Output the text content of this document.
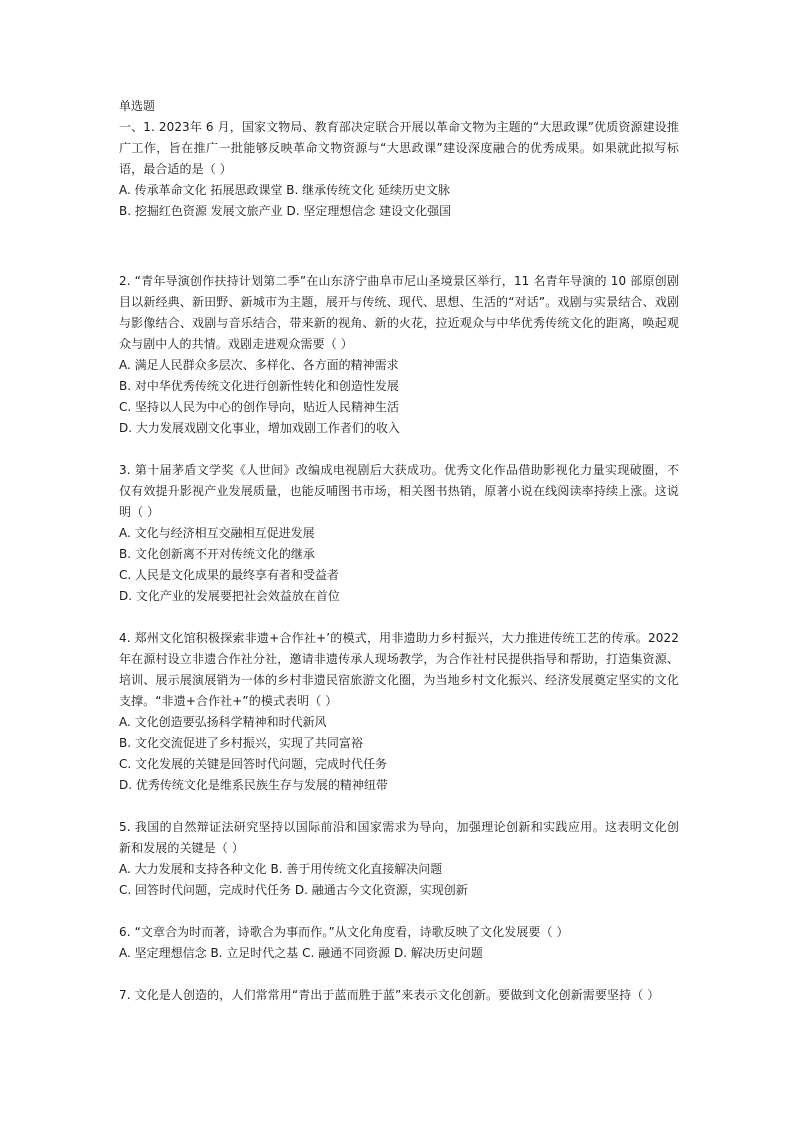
单选题

一、1. 2023年 6 月，国家文物局、教育部决定联合开展以革命文物为主题的“大思政课”优质资源建设推广工作，旨在推广一批能够反映革命文物资源与“大思政课”建设深度融合的优秀成果。如果就此拟写标语，最合适的是（ ）

A. 传承革命文化 拓展思政课堂 B. 继承传统文化 延续历史文脉

B. 挖掘红色资源 发展文旅产业 D. 坚定理想信念 建设文化强国

2. “青年导演创作扶持计划第二季”在山东济宁曲阜市尼山圣境景区举行，11 名青年导演的 10 部原创剧目以新经典、新田野、新城市为主题，展开与传统、现代、思想、生活的“对话”。戏剧与实景结合、戏剧与影像结合、戏剧与音乐结合，带来新的视角、新的火花，拉近观众与中华优秀传统文化的距离，唤起观众与剧中人的共情。戏剧走进观众需要（ ）

A. 满足人民群众多层次、多样化、各方面的精神需求

B. 对中华优秀传统文化进行创新性转化和创造性发展

C. 坚持以人民为中心的创作导向，贴近人民精神生活

D. 大力发展戏剧文化事业，增加戏剧工作者们的收入

3. 第十届茅盾文学奖《人世间》改编成电视剧后大获成功。优秀文化作品借助影视化力量实现破圈，不仅有效提升影视产业发展质量，也能反哺图书市场，相关图书热销，原著小说在线阅读率持续上涨。这说明（ ）

A. 文化与经济相互交融相互促进发展

B. 文化创新离不开对传统文化的继承

C. 人民是文化成果的最终享有者和受益者

D. 文化产业的发展要把社会效益放在首位

4. 郑州文化馆积极探索非遗+合作社+’的模式，用非遗助力乡村振兴，大力推进传统工艺的传承。2022 年在源村设立非遗合作社分社，邀请非遗传承人现场教学，为合作社村民提供指导和帮助，打造集资源、培训、展示展演展销为一体的乡村非遗民宿旅游文化圈，为当地乡村文化振兴、经济发展奠定坚实的文化支撑。“非遗+合作社+”的模式表明（ ）

A. 文化创造要弘扬科学精神和时代新风

B. 文化交流促进了乡村振兴，实现了共同富裕

C. 文化发展的关键是回答时代问题，完成时代任务

D. 优秀传统文化是维系民族生存与发展的精神纽带

5. 我国的自然辩证法研究坚持以国际前沿和国家需求为导向，加强理论创新和实践应用。这表明文化创新和发展的关键是（ ）

A. 大力发展和支持各种文化 B. 善于用传统文化直接解决问题

C. 回答时代问题，完成时代任务 D. 融通古今文化资源，实现创新

6. “文章合为时而著，诗歌合为事而作。”从文化角度看，诗歌反映了文化发展要（ ）

A. 坚定理想信念 B. 立足时代之基 C. 融通不同资源 D. 解决历史问题

7. 文化是人创造的，人们常常用“青出于蓝而胜于蓝”来表示文化创新。要做到文化创新需要坚持（ ）
